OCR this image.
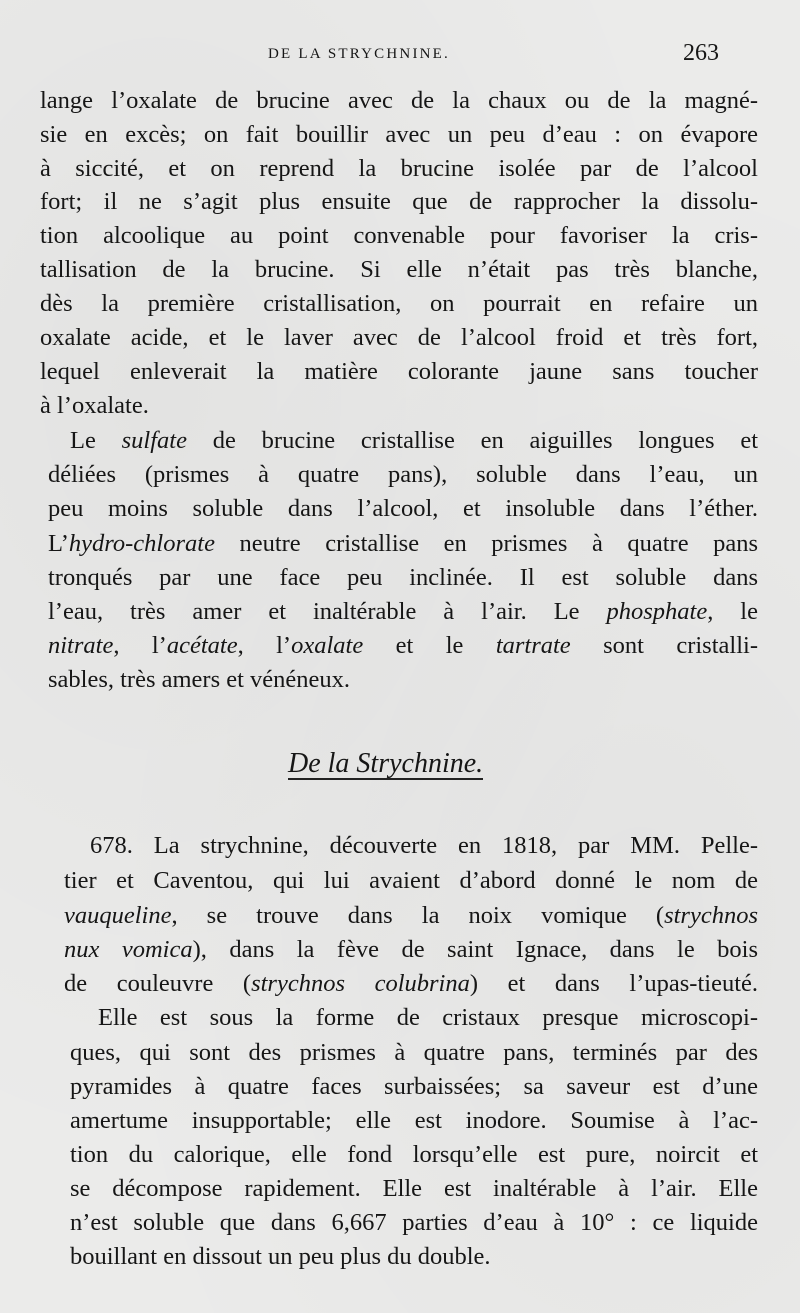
DE LA STRYCHNINE.	263
lange l’oxalate de brucine avec de la chaux ou de la magné-
sie en excès; on fait bouillir avec un peu d’eau : on évapore
à siccité, et on reprend la brucine isolée par de l’alcool
fort; il ne s’agit plus ensuite que de rapprocher la dissolu-
tion alcoolique au point convenable pour favoriser la cris-
tallisation de la brucine. Si elle n’était pas très blanche,
dès la première cristallisation, on pourrait en refaire un
oxalate acide, et le laver avec de l’alcool froid et très fort,
lequel enleverait la matière colorante jaune sans toucher
à l’oxalate.
Le sulfate de brucine cristallise en aiguilles longues et
déliées (prismes à quatre pans), soluble dans l’eau, un
peu moins soluble dans l’alcool, et insoluble dans l’éther.
L’hydro-chlorate neutre cristallise en prismes à quatre pans
tronqués par une face peu inclinée. Il est soluble dans
l’eau, très amer et inaltérable à l’air. Le phosphate, le
nitrate, l’acétate, l’oxalate et le tartrate sont cristalli-
sables, très amers et vénéneux.
De la Strychnine.
678. La strychnine, découverte en 1818, par MM. Pelle-
tier et Caventou, qui lui avaient d’abord donné le nom de
vauqueline, se trouve dans la noix vomique (strychnos
nux vomica), dans la fève de saint Ignace, dans le bois
de couleuvre (strychnos colubrina) et dans l’upas-tieuté.
Elle est sous la forme de cristaux presque microscopi-
ques, qui sont des prismes à quatre pans, terminés par des
pyramides à quatre faces surbaissées; sa saveur est d’une
amertume insupportable; elle est inodore. Soumise à l’ac-
tion du calorique, elle fond lorsqu’elle est pure, noircit et
se décompose rapidement. Elle est inaltérable à l’air. Elle
n’est soluble que dans 6,667 parties d’eau à 10° : ce liquide
bouillant en dissout un peu plus du double.
